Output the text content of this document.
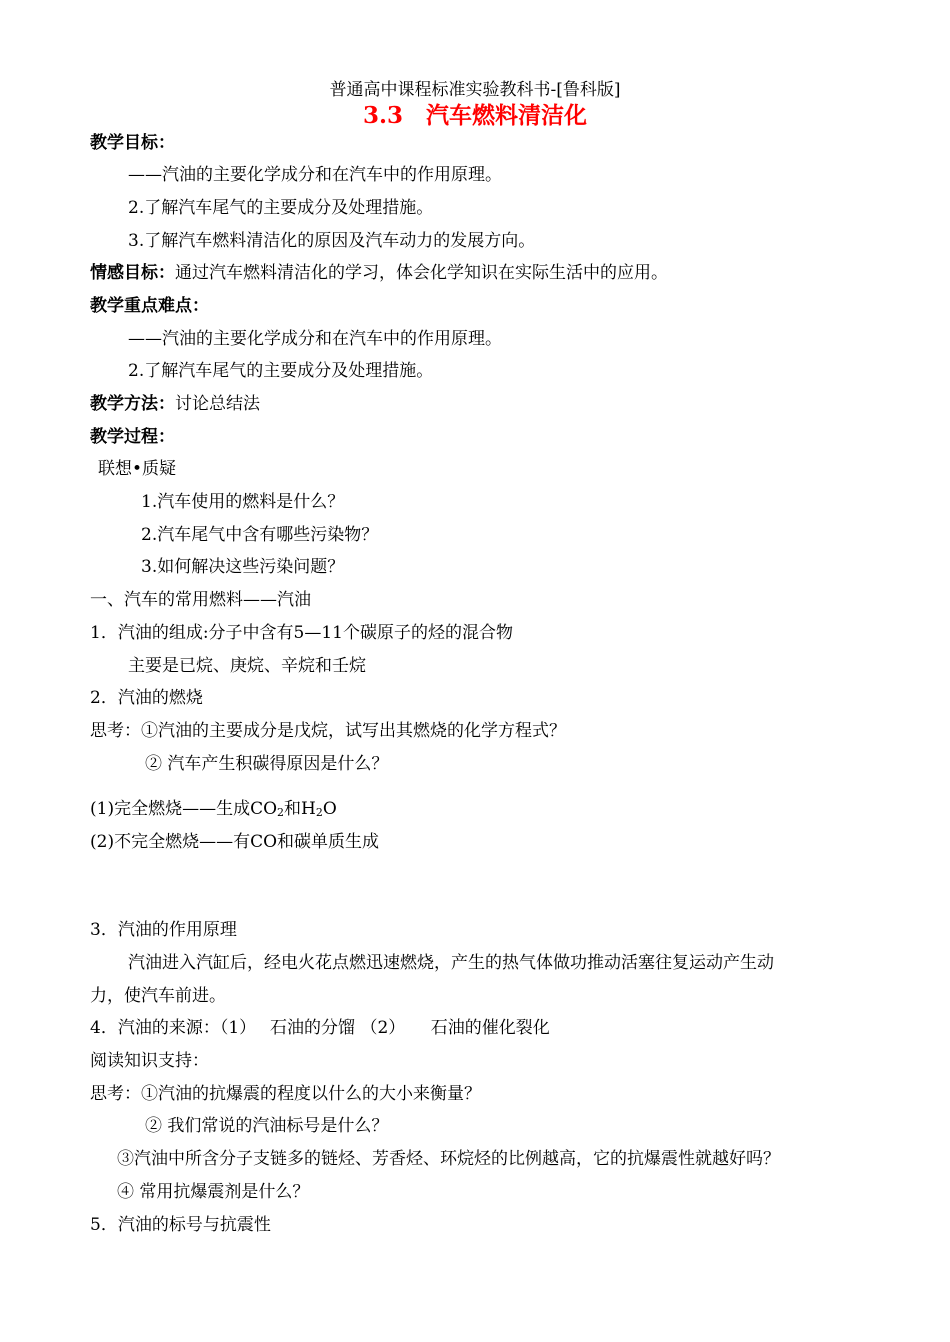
普通高中课程标准实验教科书-[鲁科版]
3.3　汽车燃料清洁化
教学目标：
——汽油的主要化学成分和在汽车中的作用原理。
2.了解汽车尾气的主要成分及处理措施。
3.了解汽车燃料清洁化的原因及汽车动力的发展方向。
情感目标：通过汽车燃料清洁化的学习，体会化学知识在实际生活中的应用。
教学重点难点：
——汽油的主要化学成分和在汽车中的作用原理。
2.了解汽车尾气的主要成分及处理措施。
教学方法：讨论总结法
教学过程：
联想•质疑
1.汽车使用的燃料是什么？
2.汽车尾气中含有哪些污染物？
3.如何解决这些污染问题？
一、汽车的常用燃料——汽油
1．汽油的组成:分子中含有5—11个碳原子的烃的混合物
主要是已烷、庚烷、辛烷和壬烷
2．汽油的燃烧
思考：①汽油的主要成分是戊烷，试写出其燃烧的化学方程式？
② 汽车产生积碳得原因是什么？
(1)完全燃烧——生成$CO_2$和$H_2O$
(2)不完全燃烧——有CO和碳单质生成
3．汽油的作用原理
汽油进入汽缸后，经电火花点燃迅速燃烧，产生的热气体做功推动活塞往复运动产生动
力，使汽车前进。
4．汽油的来源：（1）　 石油的分馏 （2）　　石油的催化裂化
阅读知识支持：
思考：①汽油的抗爆震的程度以什么的大小来衡量？
② 我们常说的汽油标号是什么？
③汽油中所含分子支链多的链烃、芳香烃、环烷烃的比例越高，它的抗爆震性就越好吗？
④ 常用抗爆震剂是什么？
5．汽油的标号与抗震性
